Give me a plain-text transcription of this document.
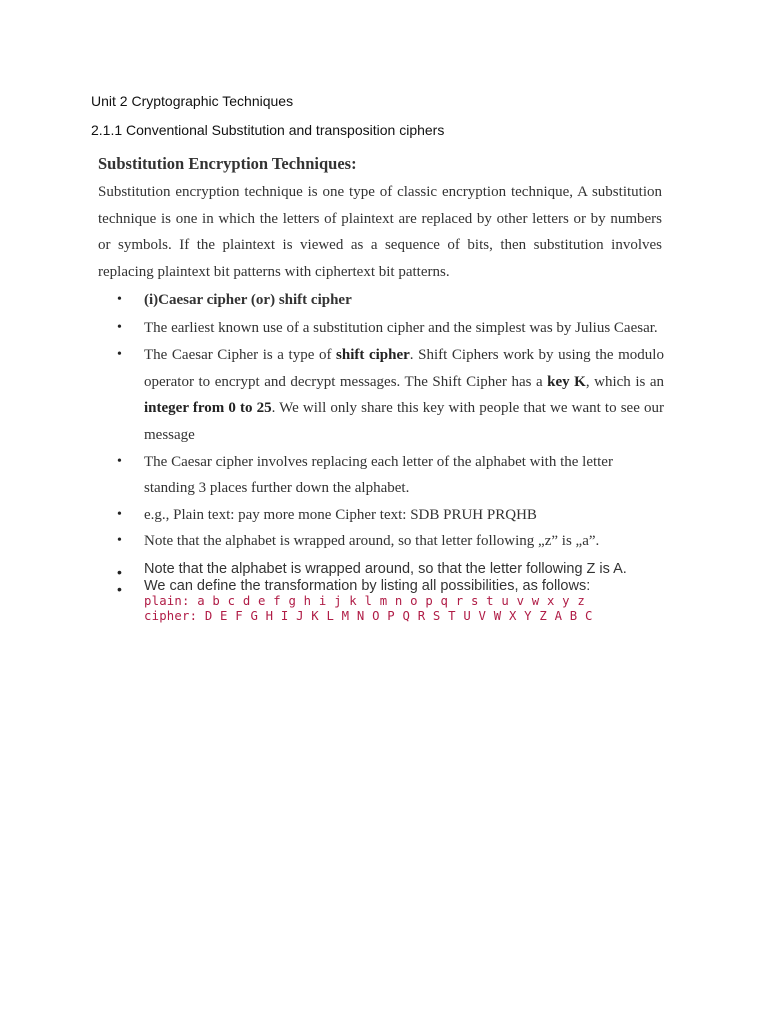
Unit 2 Cryptographic Techniques
2.1.1 Conventional Substitution and transposition ciphers
Substitution Encryption Techniques:

Substitution encryption technique is one type of classic encryption technique, A substitution technique is one in which the letters of plaintext are replaced by other letters or by numbers or symbols. If the plaintext is viewed as a sequence of bits, then substitution involves replacing plaintext bit patterns with ciphertext bit patterns.

• (i)Caesar cipher (or) shift cipher
• The earliest known use of a substitution cipher and the simplest was by Julius Caesar.
• The Caesar Cipher is a type of shift cipher. Shift Ciphers work by using the modulo operator to encrypt and decrypt messages. The Shift Cipher has a key K, which is an integer from 0 to 25. We will only share this key with people that we want to see our message
• The Caesar cipher involves replacing each letter of the alphabet with the letter standing 3 places further down the alphabet.
• e.g., Plain text: pay more mone Cipher text: SDB PRUH PRQHB
• Note that the alphabet is wrapped around, so that letter following „z” is „a”.
• Note that the alphabet is wrapped around, so that the letter following Z is A.
• We can define the transformation by listing all possibilities, as follows:
plain: a b c d e f g h i j k l m n o p q r s t u v w x y z
cipher: D E F G H I J K L M N O P Q R S T U V W X Y Z A B C
